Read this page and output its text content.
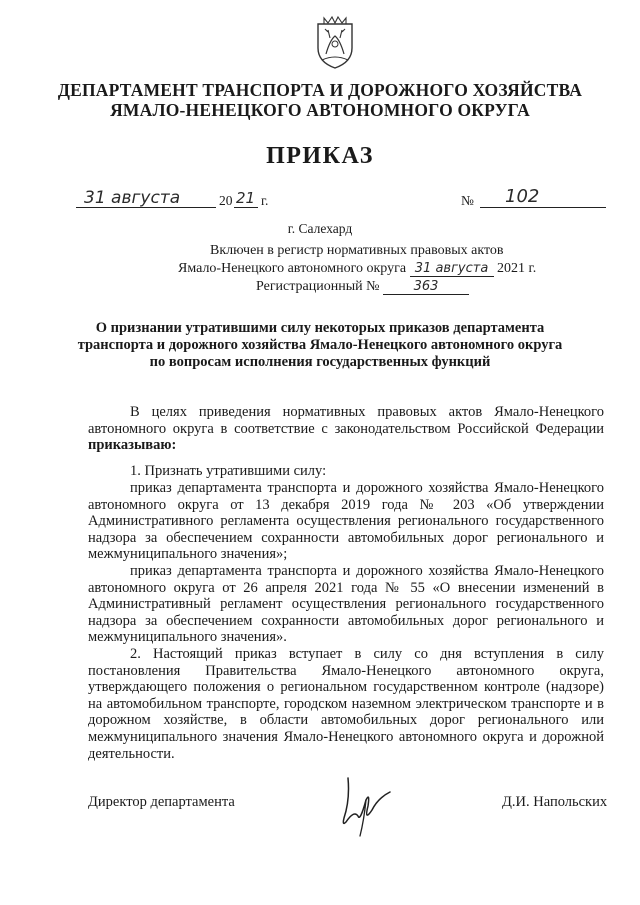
ДЕПАРТАМЕНТ ТРАНСПОРТА И ДОРОЖНОГО ХОЗЯЙСТВА
ЯМАЛО-НЕНЕЦКОГО АВТОНОМНОГО ОКРУГА
ПРИКАЗ
31 августа	20 21 г.	№ 102
г. Салехард
Включен в регистр нормативных правовых актов
Ямало-Ненецкого автономного округа 31 августа 2021 г.
Регистрационный №	363
О признании утратившими силу некоторых приказов департамента
транспорта и дорожного хозяйства Ямало-Ненецкого автономного округа
по вопросам исполнения государственных функций
В целях приведения нормативных правовых актов Ямало-Ненецкого автономного округа в соответствие с законодательством Российской Федерации приказываю:
1. Признать утратившими силу:
приказ департамента транспорта и дорожного хозяйства Ямало-Ненецкого автономного округа от 13 декабря 2019 года № 203 «Об утверждении Административного регламента осуществления регионального государственного надзора за обеспечением сохранности автомобильных дорог регионального и межмуниципального значения»;
приказ департамента транспорта и дорожного хозяйства Ямало-Ненецкого автономного округа от 26 апреля 2021 года № 55 «О внесении изменений в Административный регламент осуществления регионального государственного надзора за обеспечением сохранности автомобильных дорог регионального и межмуниципального значения».
2. Настоящий приказ вступает в силу со дня вступления в силу постановления Правительства Ямало-Ненецкого автономного округа, утверждающего положения о региональном государственном контроле (надзоре) на автомобильном транспорте, городском наземном электрическом транспорте и в дорожном хозяйстве, в области автомобильных дорог регионального или межмуниципального значения Ямало-Ненецкого автономного округа и дорожной деятельности.
Директор департамента	Д.И. Напольских
